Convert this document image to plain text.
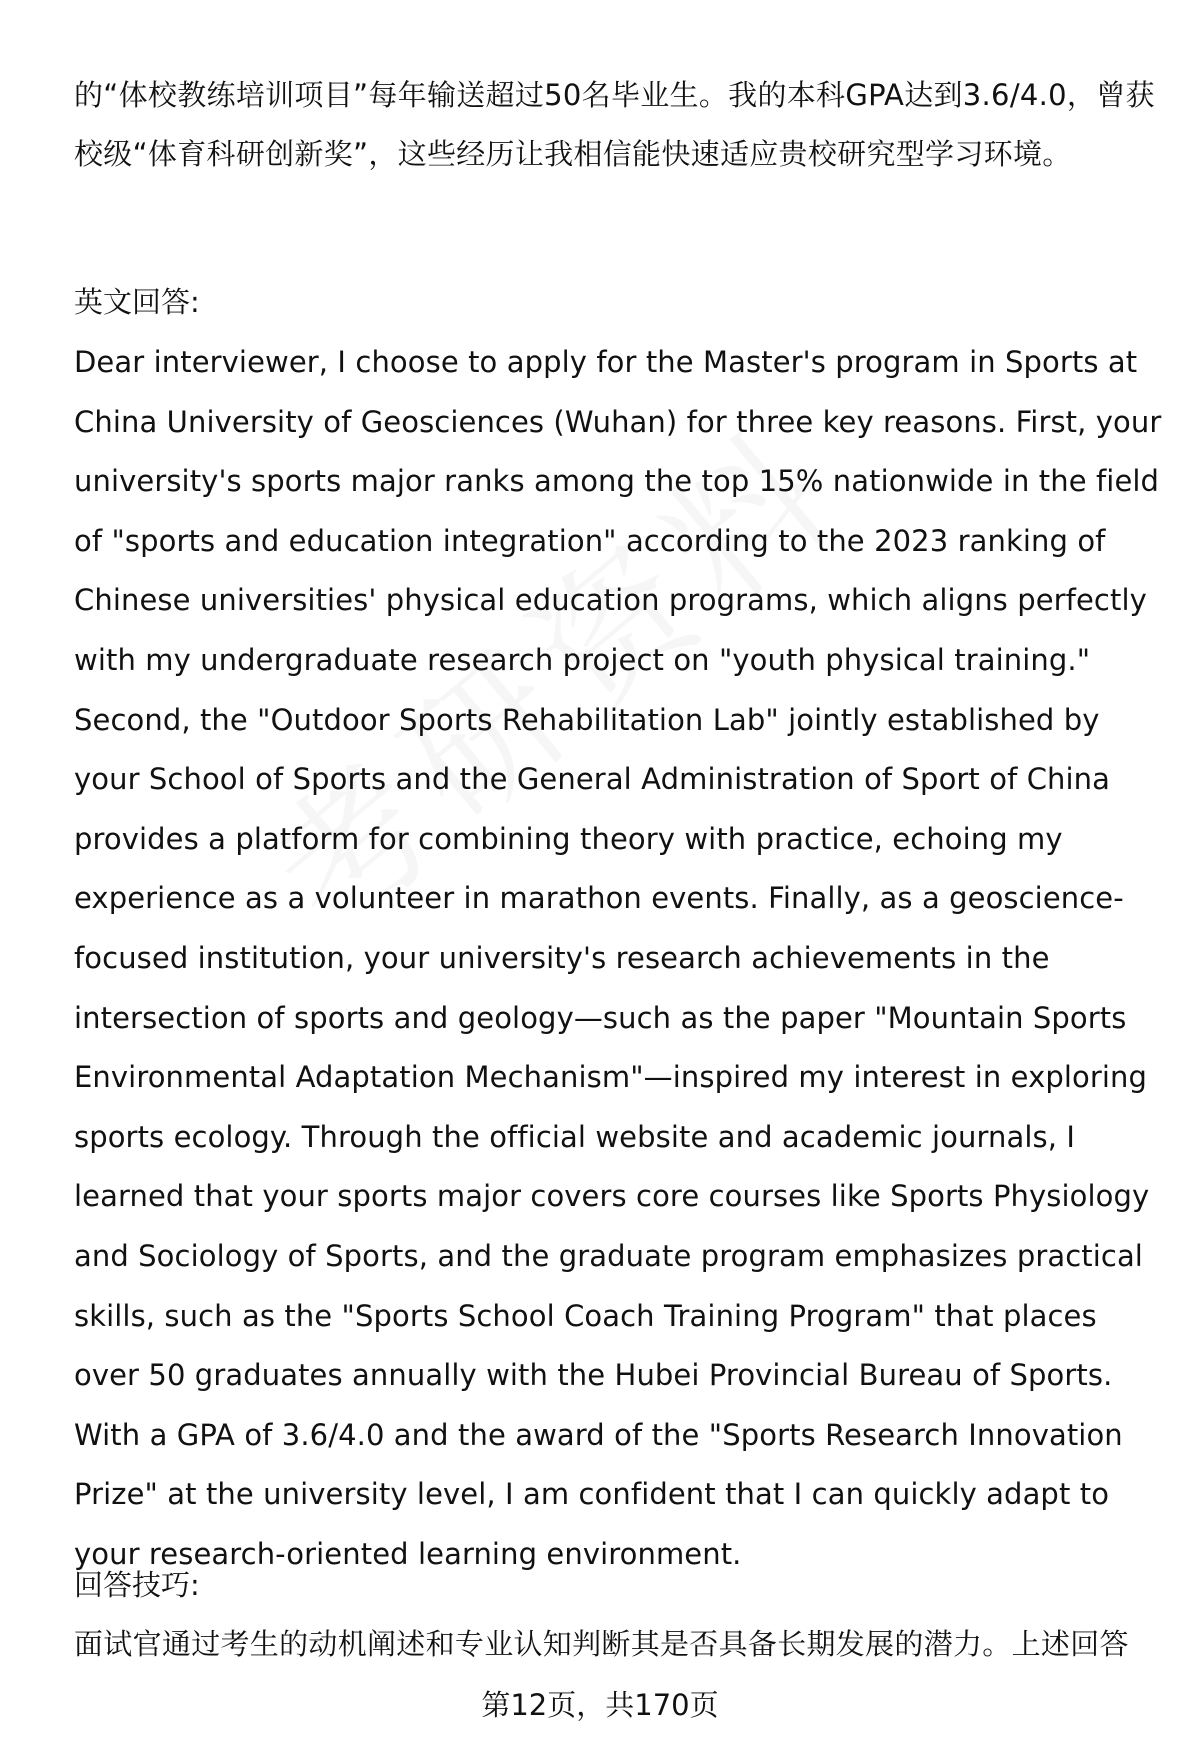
的“体校教练培训项目”每年输送超过50名毕业生。我的本科GPA达到3.6/4.0，曾获校级“体育科研创新奖”，这些经历让我相信能快速适应贵校研究型学习环境。

英文回答:

Dear interviewer, I choose to apply for the Master's program in Sports at China University of Geosciences (Wuhan) for three key reasons. First, your university's sports major ranks among the top 15% nationwide in the field of "sports and education integration" according to the 2023 ranking of Chinese universities' physical education programs, which aligns perfectly with my undergraduate research project on "youth physical training." Second, the "Outdoor Sports Rehabilitation Lab" jointly established by your School of Sports and the General Administration of Sport of China provides a platform for combining theory with practice, echoing my experience as a volunteer in marathon events. Finally, as a geoscience-focused institution, your university's research achievements in the intersection of sports and geology—such as the paper "Mountain Sports Environmental Adaptation Mechanism"—inspired my interest in exploring sports ecology. Through the official website and academic journals, I learned that your sports major covers core courses like Sports Physiology and Sociology of Sports, and the graduate program emphasizes practical skills, such as the "Sports School Coach Training Program" that places over 50 graduates annually with the Hubei Provincial Bureau of Sports. With a GPA of 3.6/4.0 and the award of the "Sports Research Innovation Prize" at the university level, I am confident that I can quickly adapt to your research-oriented learning environment.

回答技巧:

面试官通过考生的动机阐述和专业认知判断其是否具备长期发展的潜力。上述回答

第12页，共170页
